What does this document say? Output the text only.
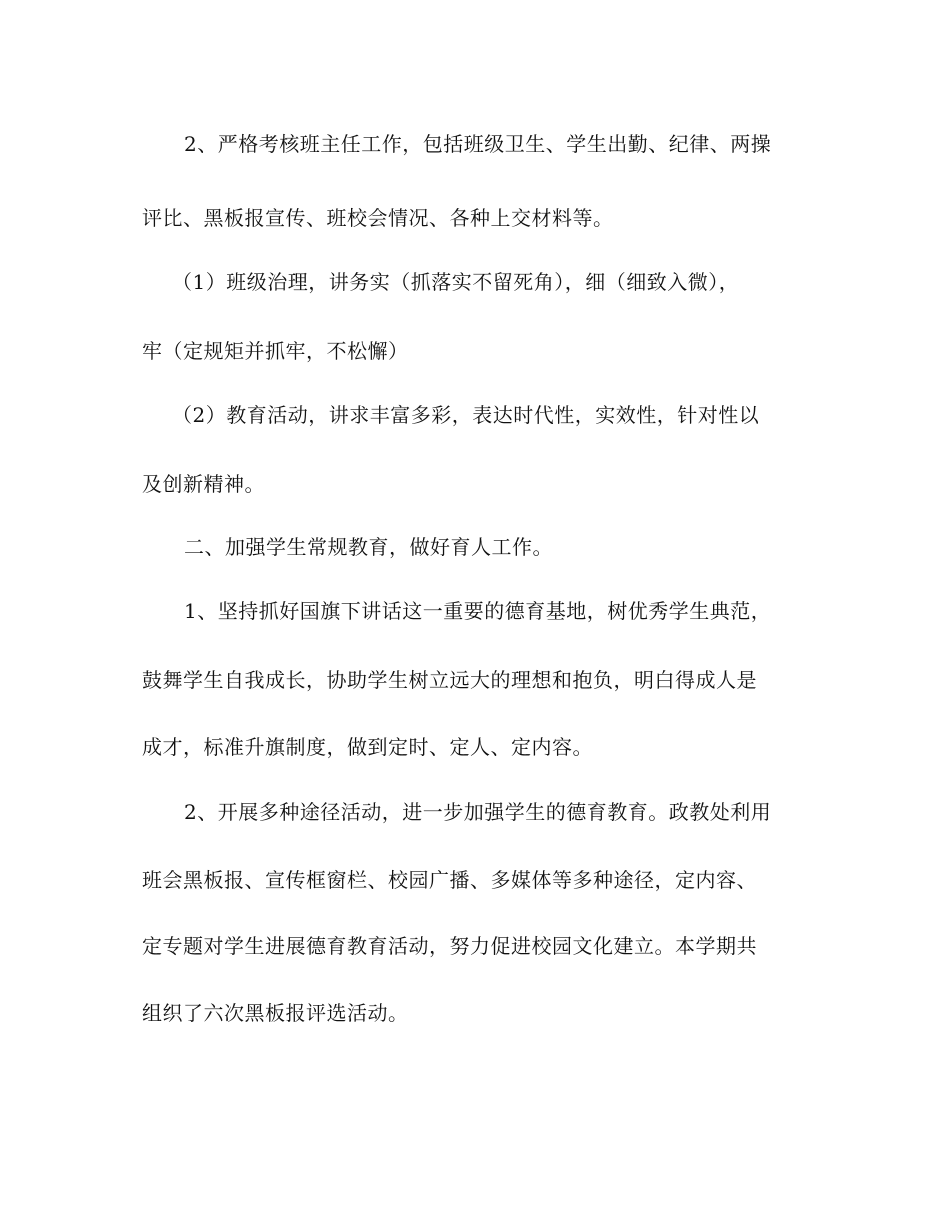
2、严格考核班主任工作，包括班级卫生、学生出勤、纪律、两操
评比、黑板报宣传、班校会情况、各种上交材料等。
（1）班级治理，讲务实（抓落实不留死角），细（细致入微），
牢（定规矩并抓牢，不松懈）
（2）教育活动，讲求丰富多彩，表达时代性，实效性，针对性以
及创新精神。
二、加强学生常规教育，做好育人工作。
1、坚持抓好国旗下讲话这一重要的德育基地，树优秀学生典范，
鼓舞学生自我成长，协助学生树立远大的理想和抱负，明白得成人是
成才，标准升旗制度，做到定时、定人、定内容。
2、开展多种途径活动，进一步加强学生的德育教育。政教处利用
班会黑板报、宣传框窗栏、校园广播、多媒体等多种途径，定内容、
定专题对学生进展德育教育活动，努力促进校园文化建立。本学期共
组织了六次黑板报评选活动。
